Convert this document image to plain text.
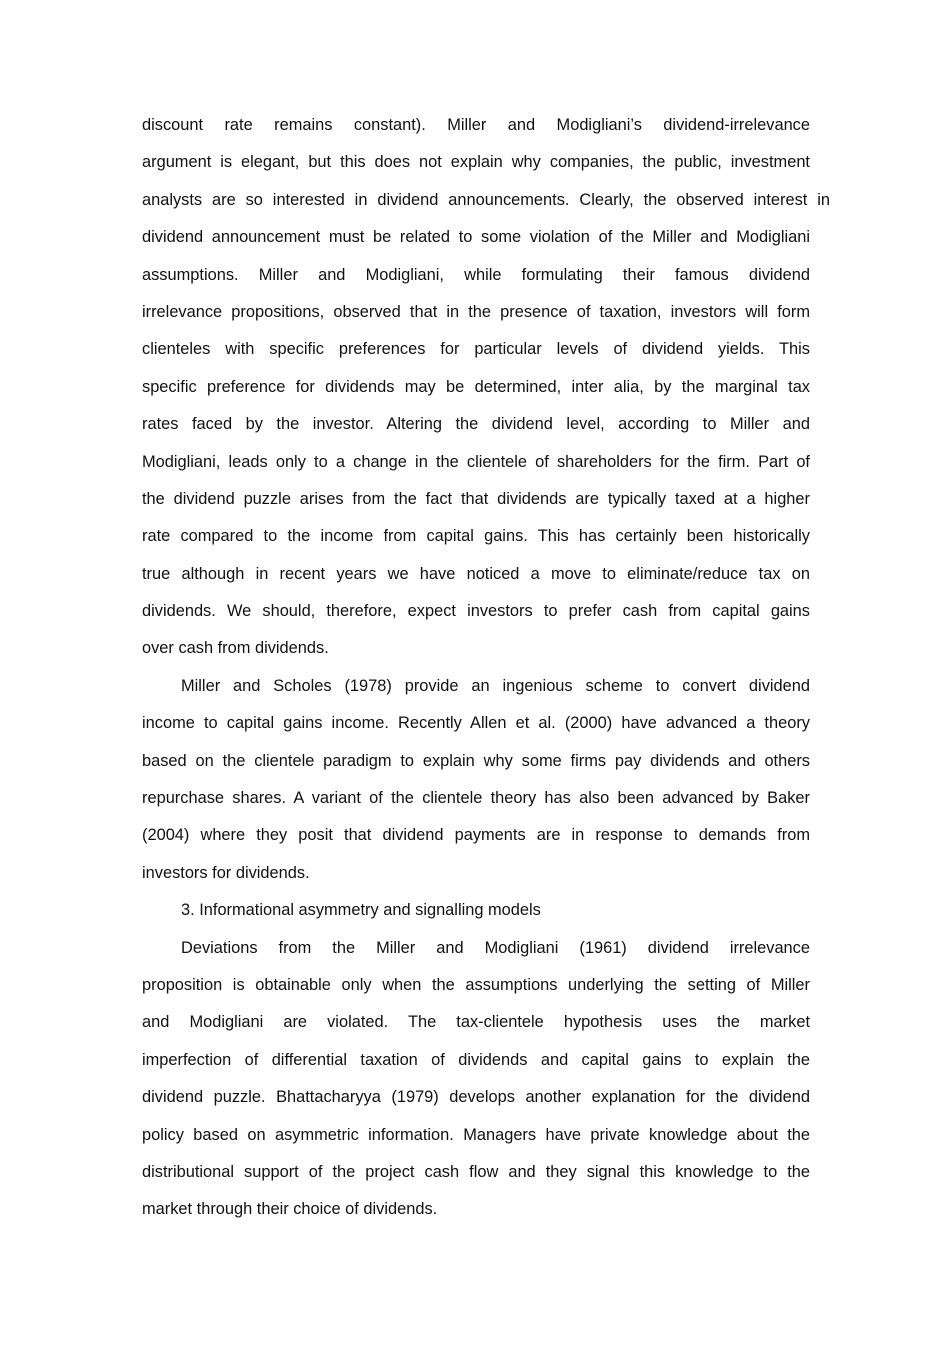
discount rate remains constant). Miller and Modigliani’s dividend-irrelevance
argument is elegant, but this does not explain why companies, the public, investment
analysts are so interested in dividend announcements. Clearly, the observed interest in
dividend announcement must be related to some violation of the Miller and Modigliani
assumptions. Miller and Modigliani, while formulating their famous dividend
irrelevance propositions, observed that in the presence of taxation, investors will form
clienteles with specific preferences for particular levels of dividend yields. This
specific preference for dividends may be determined, inter alia, by the marginal tax
rates faced by the investor. Altering the dividend level, according to Miller and
Modigliani, leads only to a change in the clientele of shareholders for the firm. Part of
the dividend puzzle arises from the fact that dividends are typically taxed at a higher
rate compared to the income from capital gains. This has certainly been historically
true although in recent years we have noticed a move to eliminate/reduce tax on
dividends. We should, therefore, expect investors to prefer cash from capital gains
over cash from dividends.
Miller and Scholes (1978) provide an ingenious scheme to convert dividend
income to capital gains income. Recently Allen et al. (2000) have advanced a theory
based on the clientele paradigm to explain why some firms pay dividends and others
repurchase shares. A variant of the clientele theory has also been advanced by Baker
(2004) where they posit that dividend payments are in response to demands from
investors for dividends.
3. Informational asymmetry and signalling models
Deviations from the Miller and Modigliani (1961) dividend irrelevance
proposition is obtainable only when the assumptions underlying the setting of Miller
and Modigliani are violated. The tax-clientele hypothesis uses the market
imperfection of differential taxation of dividends and capital gains to explain the
dividend puzzle. Bhattacharyya (1979) develops another explanation for the dividend
policy based on asymmetric information. Managers have private knowledge about the
distributional support of the project cash flow and they signal this knowledge to the
market through their choice of dividends.
